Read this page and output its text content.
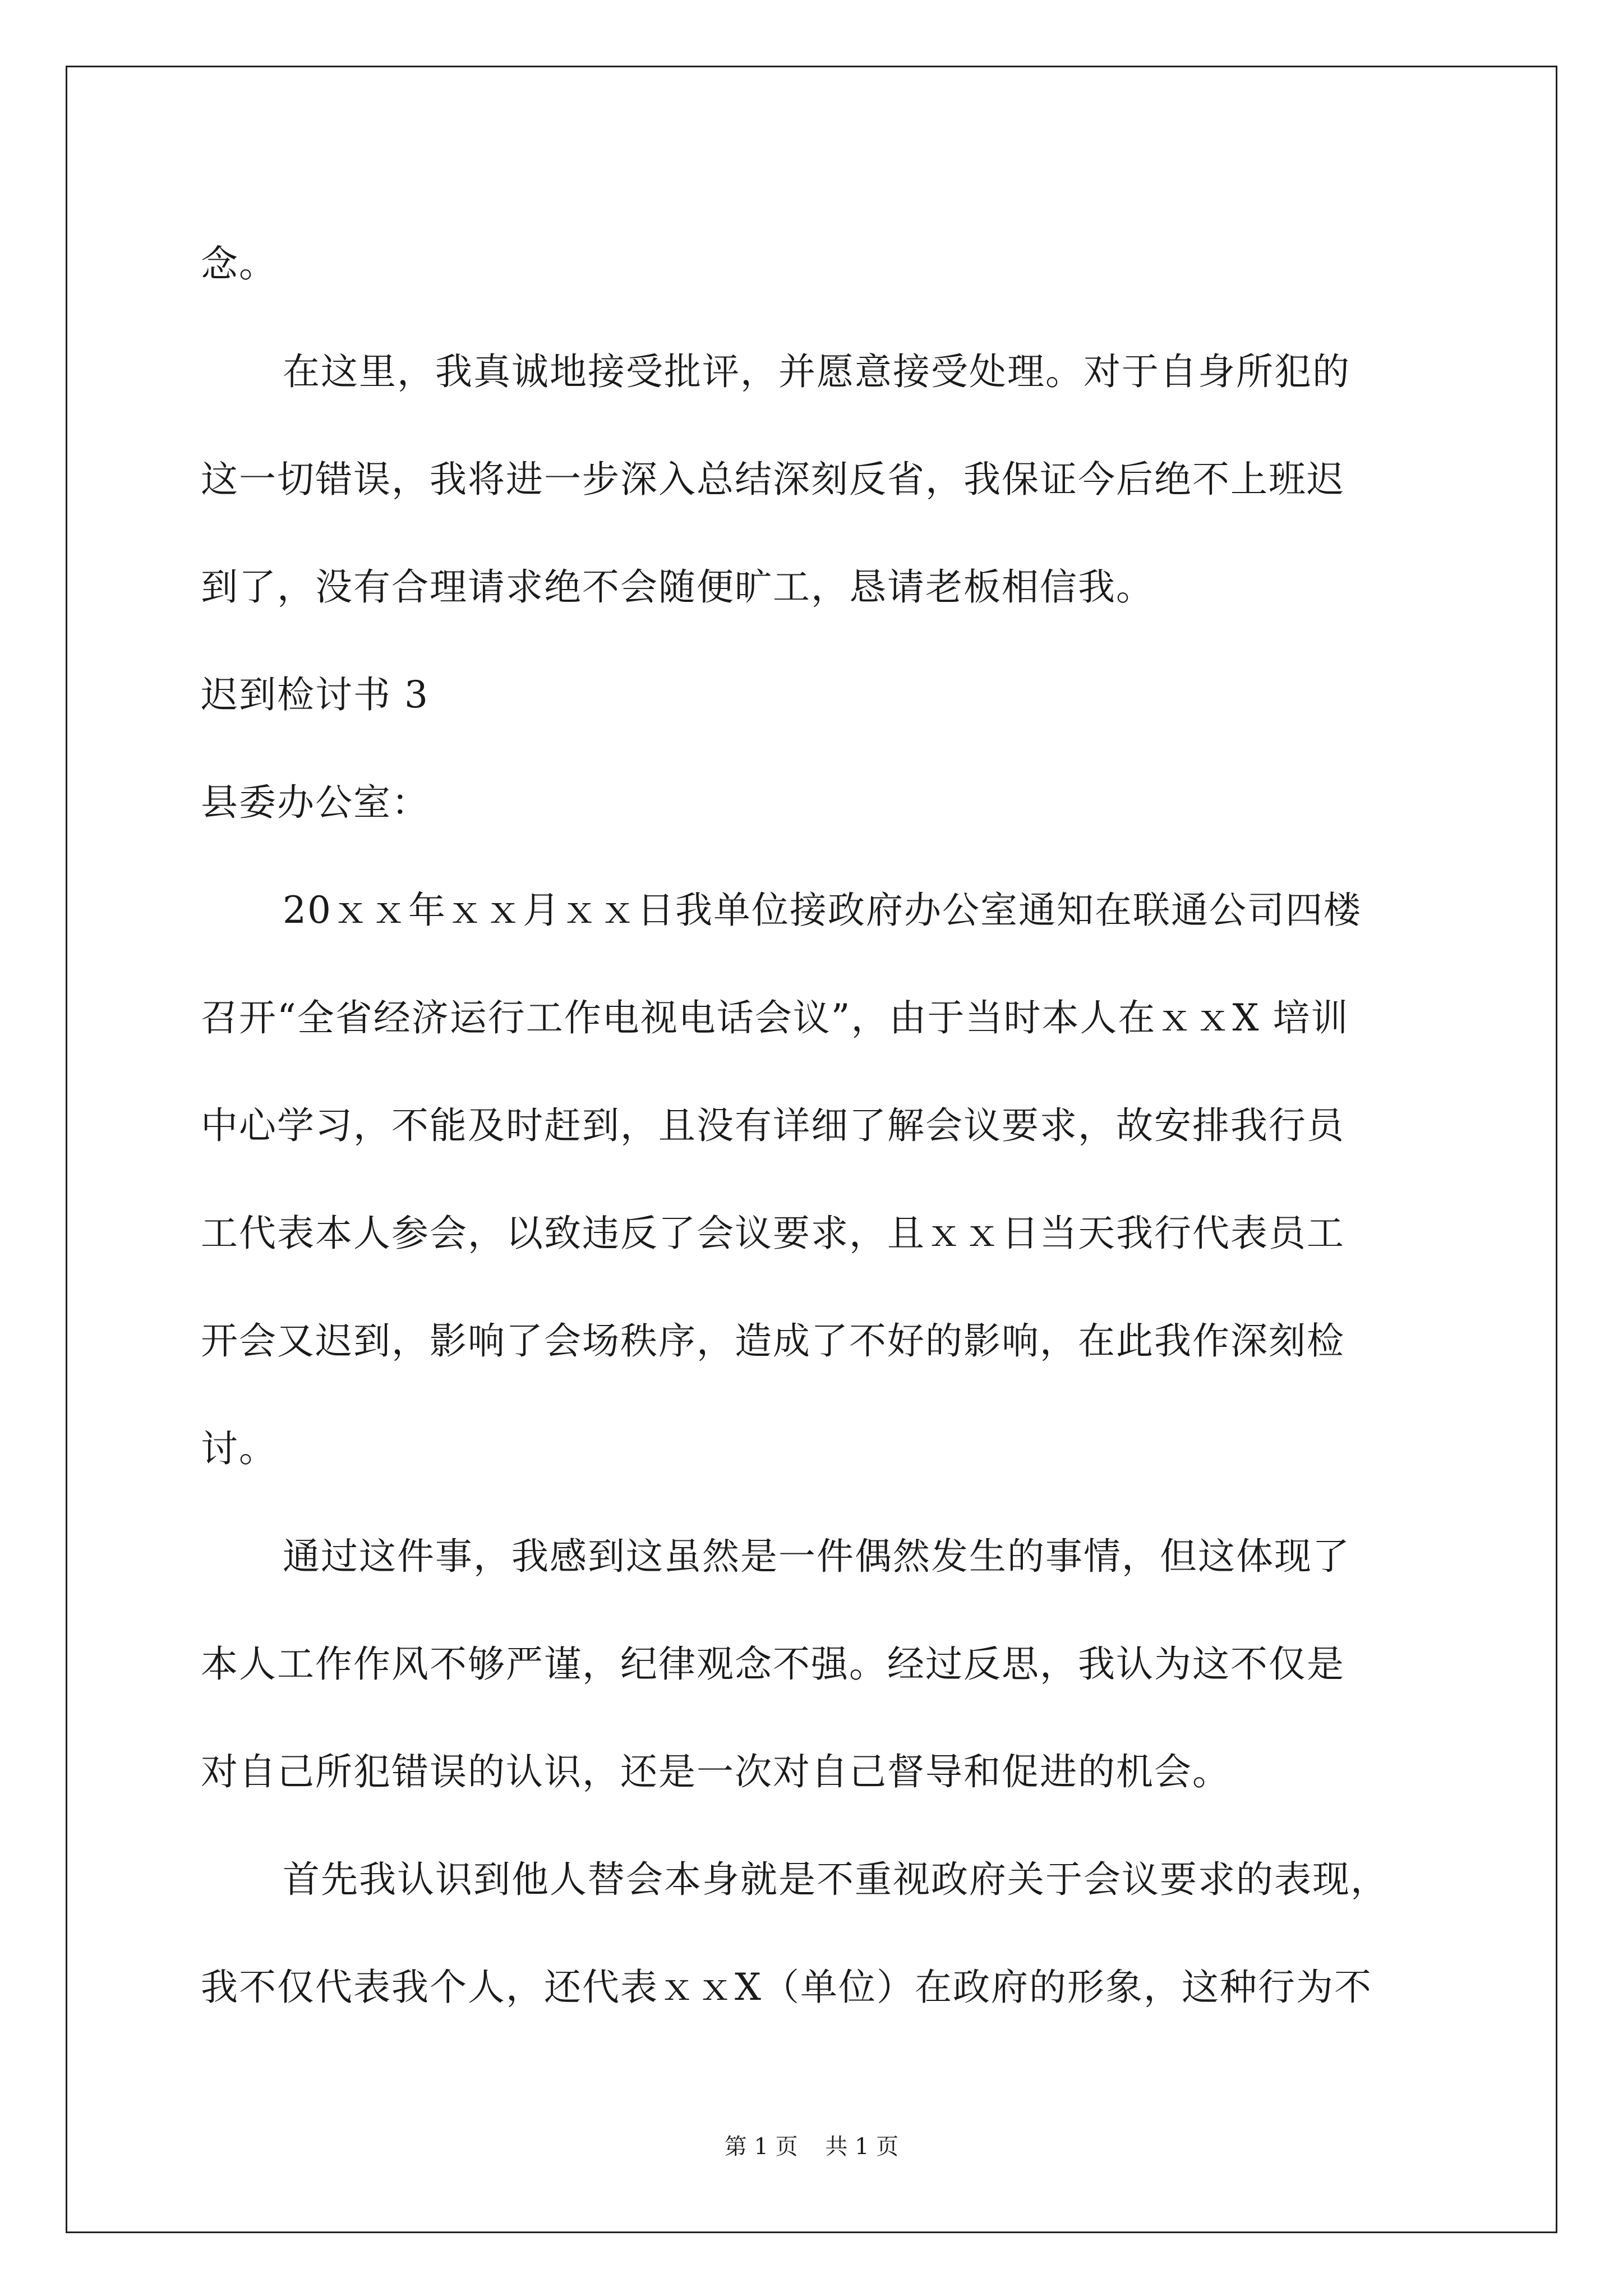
念。
在这里，我真诚地接受批评，并愿意接受处理。对于自身所犯的
这一切错误，我将进一步深入总结深刻反省，我保证今后绝不上班迟
到了，没有合理请求绝不会随便旷工，恳请老板相信我。
迟到检讨书 3
县委办公室：
20ｘｘ年ｘｘ月ｘｘ日我单位接政府办公室通知在联通公司四楼
召开“全省经济运行工作电视电话会议”，由于当时本人在ｘｘX 培训
中心学习，不能及时赶到，且没有详细了解会议要求，故安排我行员
工代表本人参会，以致违反了会议要求，且ｘｘ日当天我行代表员工
开会又迟到，影响了会场秩序，造成了不好的影响，在此我作深刻检
讨。
通过这件事，我感到这虽然是一件偶然发生的事情，但这体现了
本人工作作风不够严谨，纪律观念不强。经过反思，我认为这不仅是
对自己所犯错误的认识，还是一次对自己督导和促进的机会。
首先我认识到他人替会本身就是不重视政府关于会议要求的表现，
我不仅代表我个人，还代表ｘｘX（单位）在政府的形象，这种行为不
第 1 页 共 1 页
